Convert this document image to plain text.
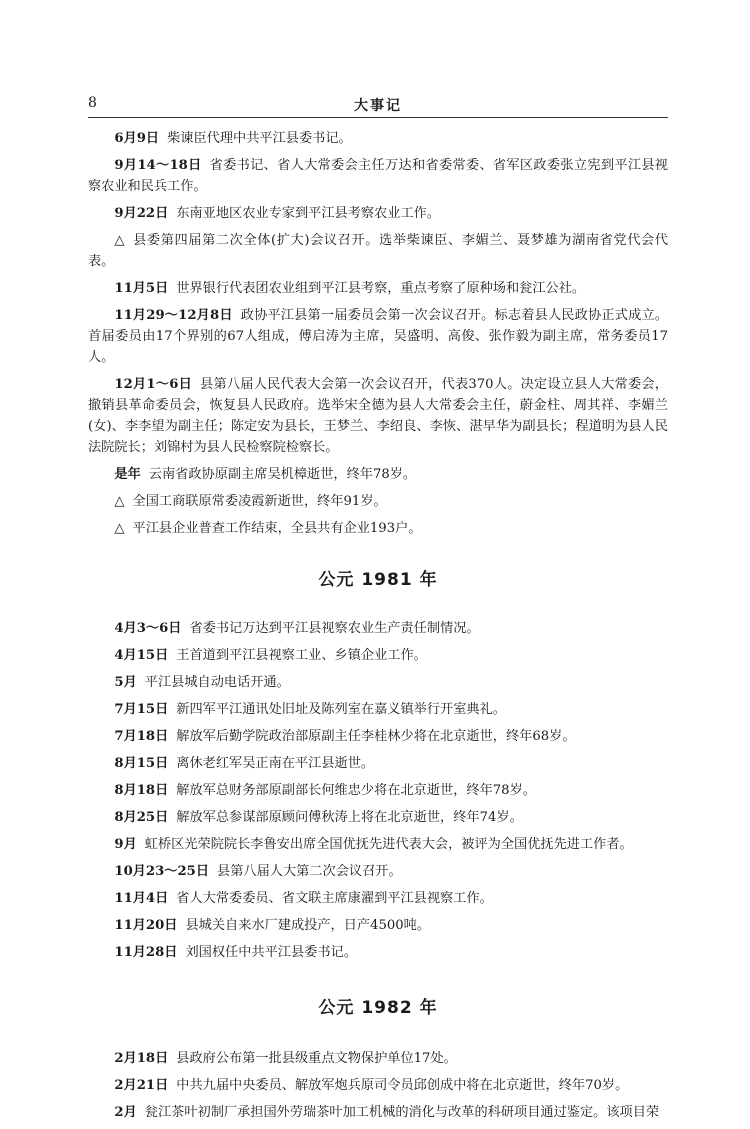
8	大事记

6月9日 柴谏臣代理中共平江县委书记。

9月14～18日 省委书记、省人大常委会主任万达和省委常委、省军区政委张立宪到平江县视察农业和民兵工作。

9月22日 东南亚地区农业专家到平江县考察农业工作。

△ 县委第四届第二次全体(扩大)会议召开。选举柴谏臣、李媚兰、聂梦雄为湖南省党代会代表。

11月5日 世界银行代表团农业组到平江县考察，重点考察了原种场和瓮江公社。

11月29～12月8日 政协平江县第一届委员会第一次会议召开。标志着县人民政协正式成立。首届委员由17个界别的67人组成，傅启涛为主席，吴盛明、高俊、张作毅为副主席，常务委员17人。

12月1～6日 县第八届人民代表大会第一次会议召开，代表370人。决定设立县人大常委会，撤销县革命委员会，恢复县人民政府。选举宋全德为县人大常委会主任，蔚金柱、周其祥、李媚兰(女)、李李望为副主任；陈定安为县长，王梦兰、李绍良、李恢、湛早华为副县长；程道明为县人民法院院长；刘锦村为县人民检察院检察长。

是年 云南省政协原副主席吴机樟逝世，终年78岁。

△ 全国工商联原常委凌霞新逝世，终年91岁。

△ 平江县企业普查工作结束，全县共有企业193户。

公元 1981 年

4月3～6日 省委书记万达到平江县视察农业生产责任制情况。

4月15日 王首道到平江县视察工业、乡镇企业工作。

5月 平江县城自动电话开通。

7月15日 新四军平江通讯处旧址及陈列室在嘉义镇举行开室典礼。

7月18日 解放军后勤学院政治部原副主任李桂林少将在北京逝世，终年68岁。

8月15日 离休老红军吴正南在平江县逝世。

8月18日 解放军总财务部原副部长何维忠少将在北京逝世，终年78岁。

8月25日 解放军总参谋部原顾问傅秋涛上将在北京逝世，终年74岁。

9月 虹桥区光荣院院长李鲁安出席全国优抚先进代表大会，被评为全国优抚先进工作者。

10月23～25日 县第八届人大第二次会议召开。

11月4日 省人大常委委员、省文联主席康濯到平江县视察工作。

11月20日 县城关自来水厂建成投产，日产4500吨。

11月28日 刘国权任中共平江县委书记。

公元 1982 年

2月18日 县政府公布第一批县级重点文物保护单位17处。

2月21日 中共九届中央委员、解放军炮兵原司令员邱创成中将在北京逝世，终年70岁。

2月 瓮江茶叶初制厂承担国外劳瑞茶叶加工机械的消化与改革的科研项目通过鉴定。该项目荣
